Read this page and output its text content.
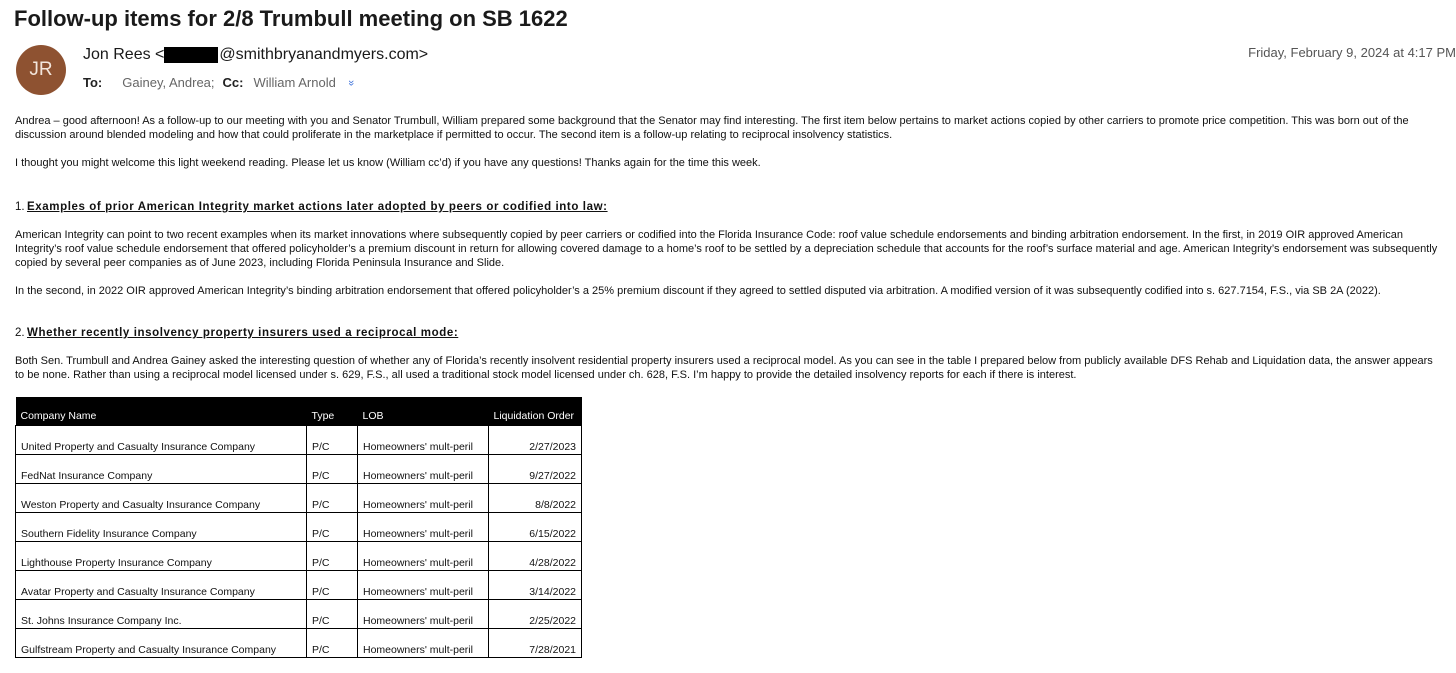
Follow-up items for 2/8 Trumbull meeting on SB 1622
JR
Jon Rees <	@smithbryanandmyers.com>	Friday, February 9, 2024 at 4:17 PM
To: Gainey, Andrea; Cc: William Arnold »

Andrea – good afternoon! As a follow-up to our meeting with you and Senator Trumbull, William prepared some background that the Senator may find interesting. The first item below pertains to market actions copied by other carriers to promote price competition. This was born out of the discussion around blended modeling and how that could proliferate in the marketplace if permitted to occur. The second item is a follow-up relating to reciprocal insolvency statistics.

I thought you might welcome this light weekend reading. Please let us know (William cc’d) if you have any questions! Thanks again for the time this week.

1. Examples of prior American Integrity market actions later adopted by peers or codified into law:

American Integrity can point to two recent examples when its market innovations where subsequently copied by peer carriers or codified into the Florida Insurance Code: roof value schedule endorsements and binding arbitration endorsement. In the first, in 2019 OIR approved American Integrity’s roof value schedule endorsement that offered policyholder’s a premium discount in return for allowing covered damage to a home’s roof to be settled by a depreciation schedule that accounts for the roof’s surface material and age. American Integrity’s endorsement was subsequently copied by several peer companies as of June 2023, including Florida Peninsula Insurance and Slide.

In the second, in 2022 OIR approved American Integrity’s binding arbitration endorsement that offered policyholder’s a 25% premium discount if they agreed to settled disputed via arbitration. A modified version of it was subsequently codified into s. 627.7154, F.S., via SB 2A (2022).

2. Whether recently insolvency property insurers used a reciprocal mode:

Both Sen. Trumbull and Andrea Gainey asked the interesting question of whether any of Florida’s recently insolvent residential property insurers used a reciprocal model. As you can see in the table I prepared below from publicly available DFS Rehab and Liquidation data, the answer appears to be none. Rather than using a reciprocal model licensed under s. 629, F.S., all used a traditional stock model licensed under ch. 628, F.S. I’m happy to provide the detailed insolvency reports for each if there is interest.

Company Name	Type	LOB	Liquidation Order
United Property and Casualty Insurance Company	P/C	Homeowners' mult-peril	2/27/2023
FedNat Insurance Company	P/C	Homeowners' mult-peril	9/27/2022
Weston Property and Casualty Insurance Company	P/C	Homeowners' mult-peril	8/8/2022
Southern Fidelity Insurance Company	P/C	Homeowners' mult-peril	6/15/2022
Lighthouse Property Insurance Company	P/C	Homeowners' mult-peril	4/28/2022
Avatar Property and Casualty Insurance Company	P/C	Homeowners' mult-peril	3/14/2022
St. Johns Insurance Company Inc.	P/C	Homeowners' mult-peril	2/25/2022
Gulfstream Property and Casualty Insurance Company	P/C	Homeowners' mult-peril	7/28/2021
